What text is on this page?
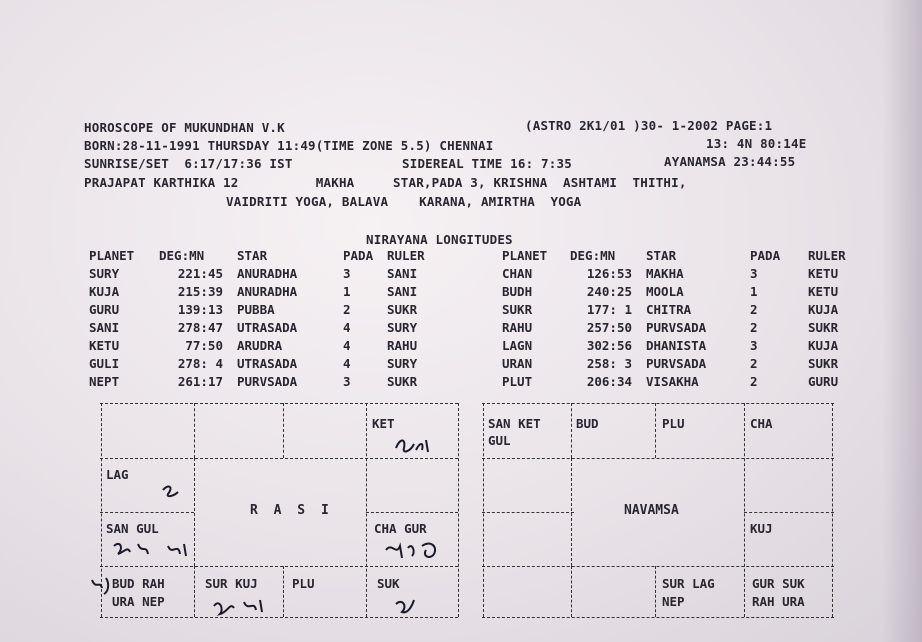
HOROSCOPE OF MUKUNDHAN V.K	(ASTRO 2K1/01 )30- 1-2002 PAGE:1
BORN:28-11-1991 THURSDAY 11:49(TIME ZONE 5.5) CHENNAI	13: 4N 80:14E
SUNRISE/SET  6:17/17:36 IST	SIDEREAL TIME 16: 7:35	AYANAMSA 23:44:55
PRAJAPAT KARTHIKA 12          MAKHA     STAR,PADA 3, KRISHNA  ASHTAMI  THITHI,
VAIDRITI YOGA, BALAVA    KARANA, AMIRTHA  YOGA
NIRAYANA LONGITUDES
PLANET	DEG:MN	STAR	PADA	RULER
SURY	221:45	ANURADHA	3	SANI
KUJA	215:39	ANURADHA	1	SANI
GURU	139:13	PUBBA	2	SUKR
SANI	278:47	UTRASADA	4	SURY
KETU	77:50	ARUDRA	4	RAHU
GULI	278: 4	UTRASADA	4	SURY
NEPT	261:17	PURVSADA	3	SUKR
PLANET	DEG:MN	STAR	PADA	RULER
CHAN	126:53	MAKHA	3	KETU
BUDH	240:25	MOOLA	1	KETU
SUKR	177: 1	CHITRA	2	KUJA
RAHU	257:50	PURVSADA	2	SUKR
LAGN	302:56	DHANISTA	3	KUJA
URAN	258: 3	PURVSADA	2	SUKR
PLUT	206:34	VISAKHA	2	GURU
KET
LAG
R A S I
SAN GUL	CHA GUR
BUD RAH
URA NEP
SUR KUJ	PLU	SUK
SAN KET
GUL
BUD	PLU	CHA
NAVAMSA
KUJ
SUR LAG
NEP
GUR SUK
RAH URA
